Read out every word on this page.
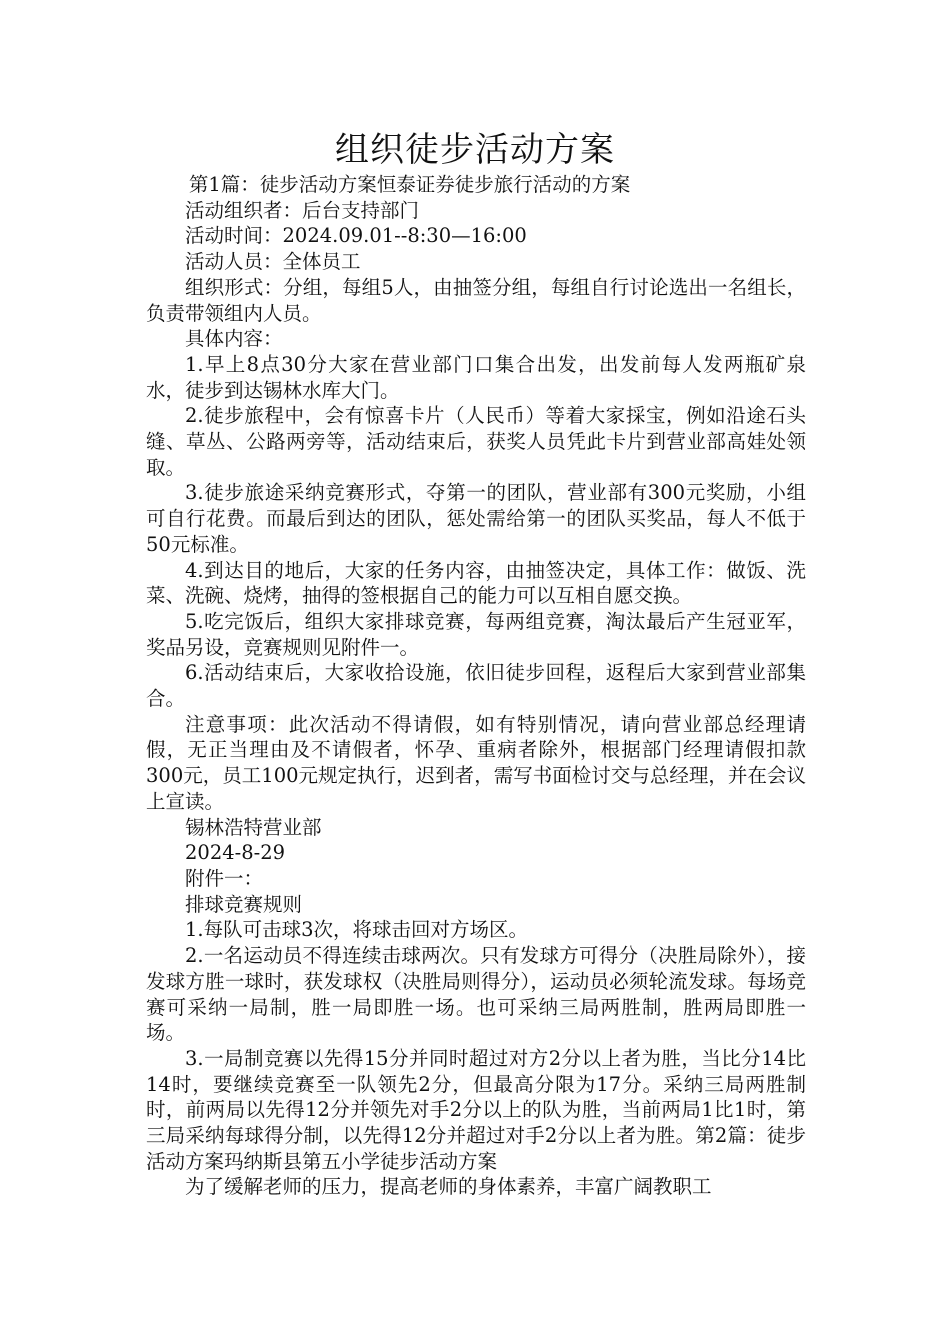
组织徒步活动方案

第1篇：徒步活动方案恒泰证券徒步旅行活动的方案

活动组织者：后台支持部门

活动时间：2024.09.01--8:30—16:00

活动人员：全体员工

组织形式：分组，每组5人，由抽签分组，每组自行讨论选出一名组长，负责带领组内人员。

具体内容：

1.早上8点30分大家在营业部门口集合出发，出发前每人发两瓶矿泉水，徒步到达锡林水库大门。

2.徒步旅程中，会有惊喜卡片（人民币）等着大家採宝，例如沿途石头缝、草丛、公路两旁等，活动结束后，获奖人员凭此卡片到营业部高娃处领取。

3.徒步旅途采纳竞赛形式，夺第一的团队，营业部有300元奖励，小组可自行花费。而最后到达的团队，惩处需给第一的团队买奖品，每人不低于50元标准。

4.到达目的地后，大家的任务内容，由抽签决定，具体工作：做饭、洗菜、洗碗、烧烤，抽得的签根据自己的能力可以互相自愿交换。

5.吃完饭后，组织大家排球竞赛，每两组竞赛，淘汰最后产生冠亚军，奖品另设，竞赛规则见附件一。

6.活动结束后，大家收拾设施，依旧徒步回程，返程后大家到营业部集合。

注意事项：此次活动不得请假，如有特别情况，请向营业部总经理请假，无正当理由及不请假者，怀孕、重病者除外，根据部门经理请假扣款300元，员工100元规定执行，迟到者，需写书面检讨交与总经理，并在会议上宣读。

锡林浩特营业部

2024-8-29

附件一：

排球竞赛规则

1.每队可击球3次，将球击回对方场区。

2.一名运动员不得连续击球两次。只有发球方可得分（决胜局除外），接发球方胜一球时，获发球权（决胜局则得分），运动员必须轮流发球。每场竞赛可采纳一局制，胜一局即胜一场。也可采纳三局两胜制，胜两局即胜一场。

3.一局制竞赛以先得15分并同时超过对方2分以上者为胜，当比分14比14时，要继续竞赛至一队领先2分，但最高分限为17分。采纳三局两胜制时，前两局以先得12分并领先对手2分以上的队为胜，当前两局1比1时，第三局采纳每球得分制，以先得12分并超过对手2分以上者为胜。第2篇：徒步活动方案玛纳斯县第五小学徒步活动方案

为了缓解老师的压力，提高老师的身体素养，丰富广阔教职工
